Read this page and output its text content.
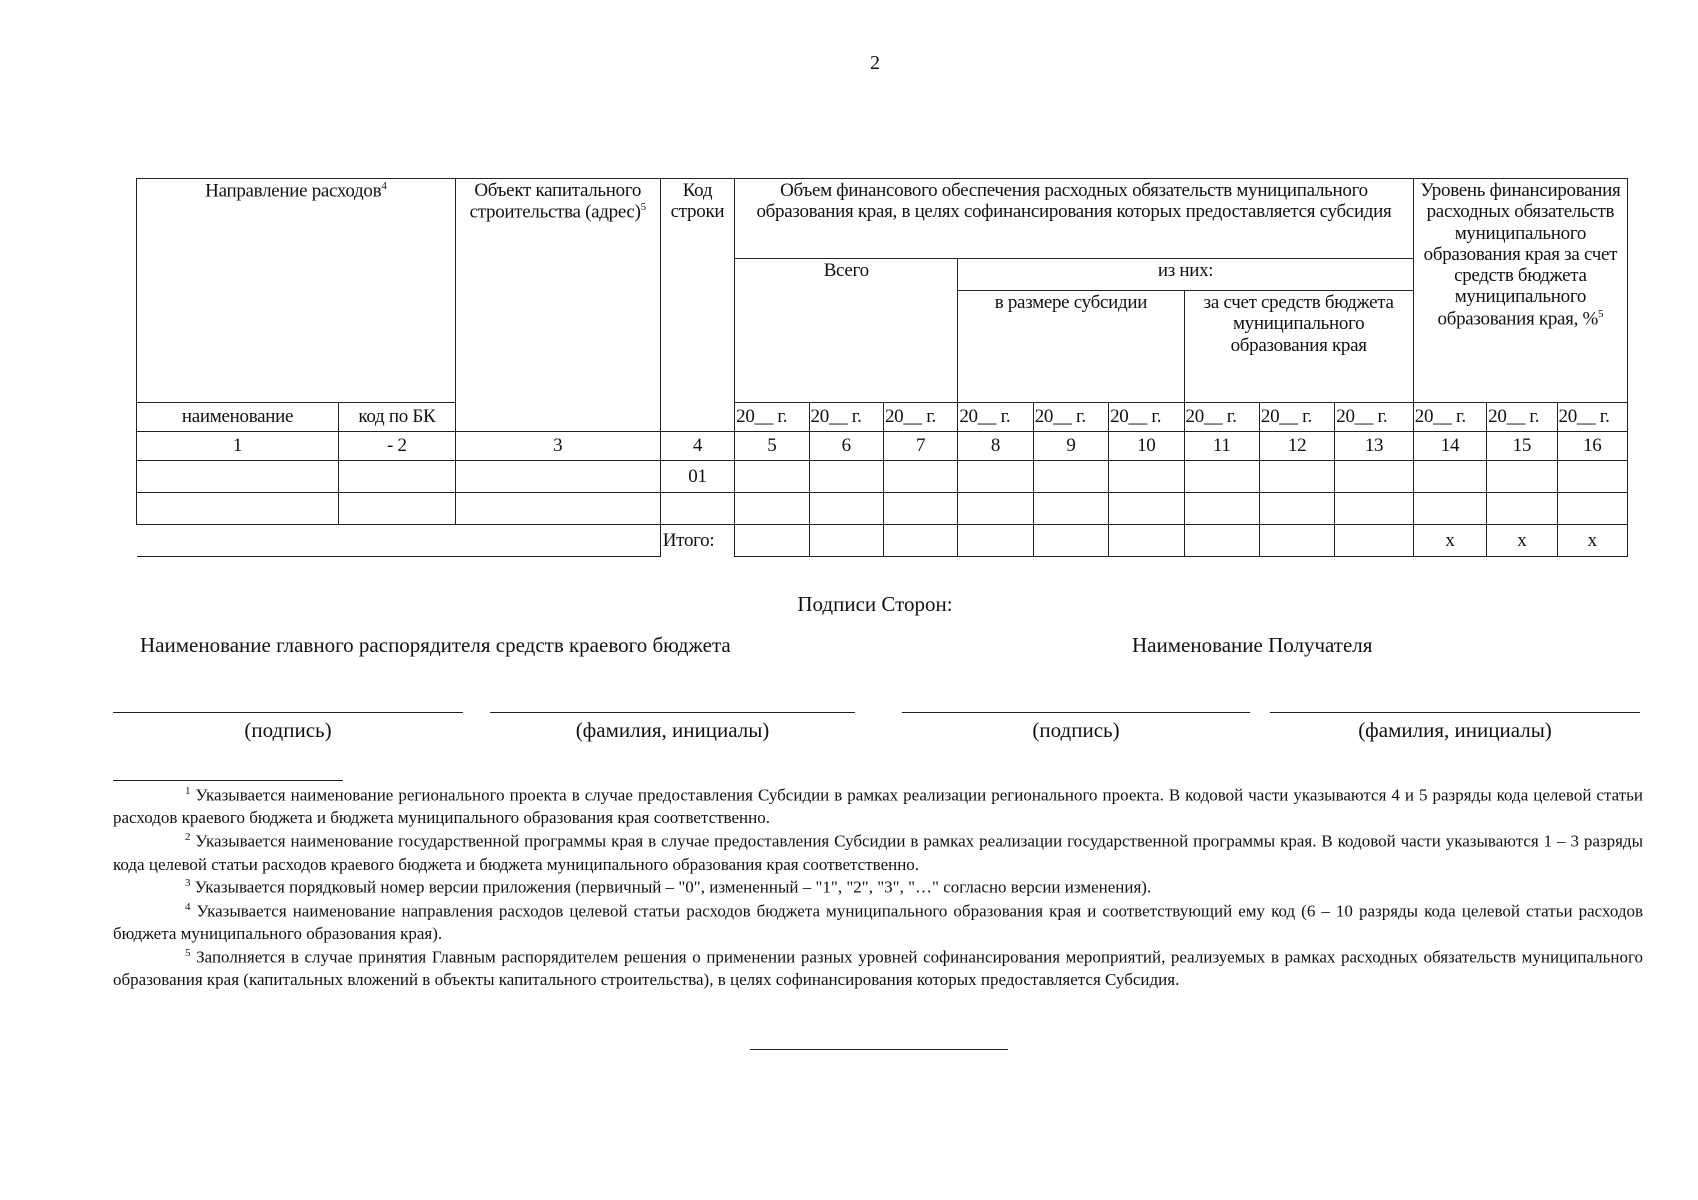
2
Направление расходов$^4$		Объект капитального строительства (адрес)$^5$	Код строки	Объем финансового обеспечения расходных обязательств муниципального образования края, в целях софинансирования которых предоставляется субсидия									Уровень финансирования расходных обязательств муниципального образования края за счет средств бюджета муниципального образования края, %$^5$
				Всего			из них:								
							в размере субсидии			за счет средств бюджета муниципального образования края					
наименование	код по БК			20__ г.	20__ г.	20__ г.	20__ г.	20__ г.	20__ г.	20__ г.	20__ г.	20__ г.	20__ г.	20__ г.	20__ г.
1	- 2	3	4	5	6	7	8	9	10	11	12	13	14	15	16
			01												

			Итого:										х	х	х
Подписи Сторон:
Наименование главного распорядителя средств краевого бюджета	Наименование Получателя
(подпись)	(фамилия, инициалы)	(подпись)	(фамилия, инициалы)

$^1$ Указывается наименование регионального проекта в случае предоставления Субсидии в рамках реализации регионального проекта. В кодовой части указываются 4 и 5 разряды кода целевой статьи расходов краевого бюджета и бюджета муниципального образования края соответственно.

$^2$ Указывается наименование государственной программы края в случае предоставления Субсидии в рамках реализации государственной программы края. В кодовой части указываются 1 – 3 разряды кода целевой статьи расходов краевого бюджета и бюджета муниципального образования края соответственно.

$^3$ Указывается порядковый номер версии приложения (первичный – "0", измененный – "1", "2", "3", "…" согласно версии изменения).

$^4$ Указывается наименование направления расходов целевой статьи расходов бюджета муниципального образования края и соответствующий ему код (6 – 10 разряды кода целевой статьи расходов бюджета муниципального образования края).

$^5$ Заполняется в случае принятия Главным распорядителем решения о применении разных уровней софинансирования мероприятий, реализуемых в рамках расходных обязательств муниципального образования края (капитальных вложений в объекты капитального строительства), в целях софинансирования которых предоставляется Субсидия.
